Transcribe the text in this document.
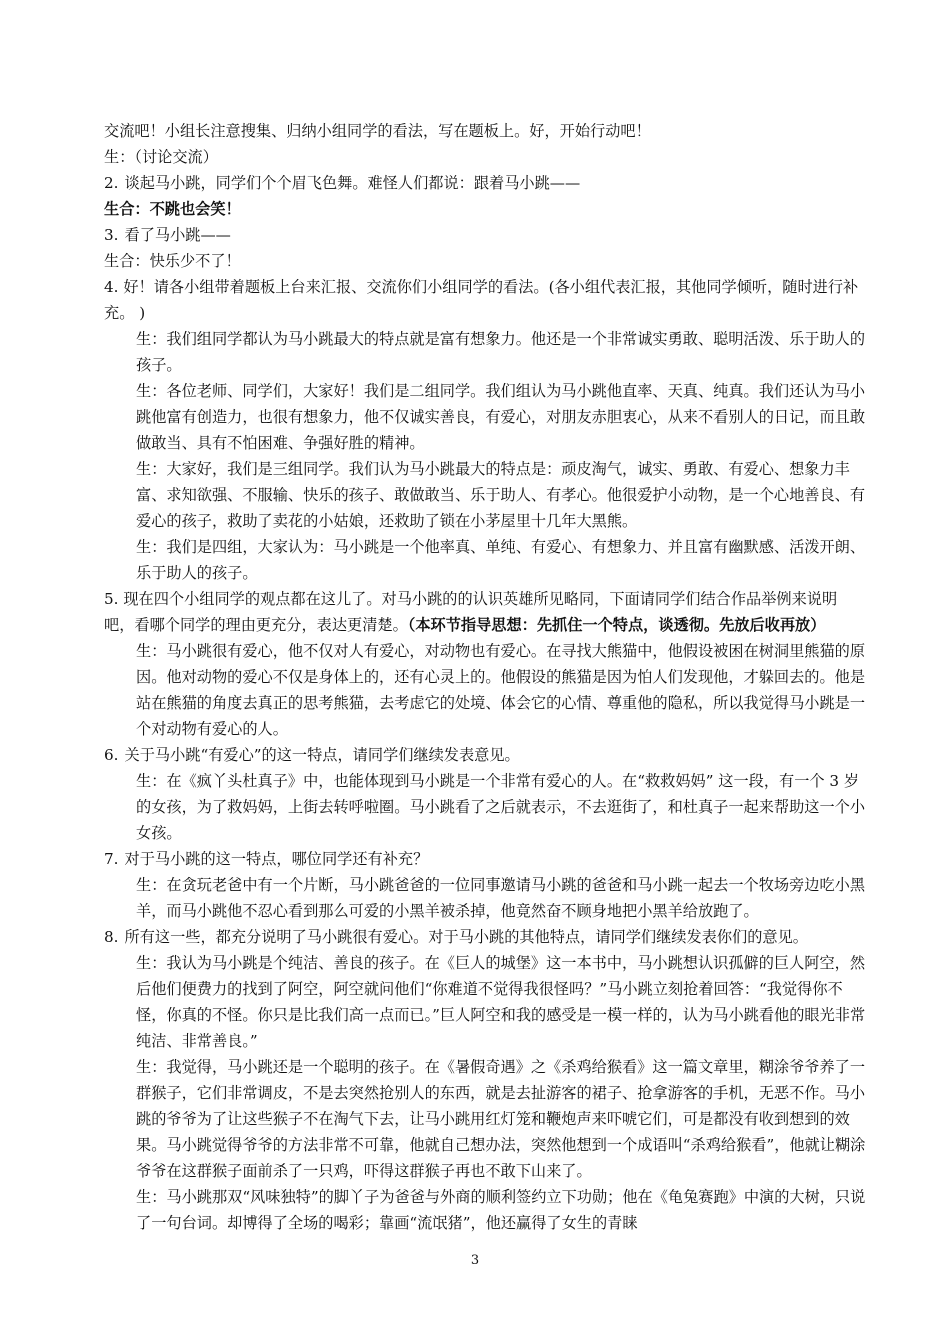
交流吧！小组长注意搜集、归纳小组同学的看法，写在题板上。好，开始行动吧！

生：（讨论交流）

2. 谈起马小跳，同学们个个眉飞色舞。难怪人们都说：跟着马小跳——

生合：不跳也会笑！

3. 看了马小跳——

生合：快乐少不了！

4. 好！请各小组带着题板上台来汇报、交流你们小组同学的看法。(各小组代表汇报，其他同学倾听，随时进行补充。 )

生：我们组同学都认为马小跳最大的特点就是富有想象力。他还是一个非常诚实勇敢、聪明活泼、乐于助人的孩子。

生：各位老师、同学们，大家好！我们是二组同学。我们组认为马小跳他直率、天真、纯真。我们还认为马小跳他富有创造力，也很有想象力，他不仅诚实善良，有爱心，对朋友赤胆衷心，从来不看别人的日记，而且敢做敢当、具有不怕困难、争强好胜的精神。

生：大家好，我们是三组同学。我们认为马小跳最大的特点是：顽皮淘气，诚实、勇敢、有爱心、想象力丰富、求知欲强、不服输、快乐的孩子、敢做敢当、乐于助人、有孝心。他很爱护小动物，是一个心地善良、有爱心的孩子，救助了卖花的小姑娘，还救助了锁在小茅屋里十几年大黑熊。

生：我们是四组，大家认为：马小跳是一个他率真、单纯、有爱心、有想象力、并且富有幽默感、活泼开朗、乐于助人的孩子。

5. 现在四个小组同学的观点都在这儿了。对马小跳的的认识英雄所见略同，下面请同学们结合作品举例来说明吧，看哪个同学的理由更充分，表达更清楚。（本环节指导思想：先抓住一个特点，谈透彻。先放后收再放）

生：马小跳很有爱心，他不仅对人有爱心，对动物也有爱心。在寻找大熊猫中，他假设被困在树洞里熊猫的原因。他对动物的爱心不仅是身体上的，还有心灵上的。他假设的熊猫是因为怕人们发现他，才躲回去的。他是站在熊猫的角度去真正的思考熊猫，去考虑它的处境、体会它的心情、尊重他的隐私，所以我觉得马小跳是一个对动物有爱心的人。

6. 关于马小跳“有爱心”的这一特点，请同学们继续发表意见。

生：在《疯丫头杜真子》中，也能体现到马小跳是一个非常有爱心的人。在“救救妈妈” 这一段，有一个 3 岁的女孩，为了救妈妈，上街去转呼啦圈。马小跳看了之后就表示，不去逛街了，和杜真子一起来帮助这一个小女孩。

7. 对于马小跳的这一特点，哪位同学还有补充？

生：在贪玩老爸中有一个片断，马小跳爸爸的一位同事邀请马小跳的爸爸和马小跳一起去一个牧场旁边吃小黑羊，而马小跳他不忍心看到那么可爱的小黑羊被杀掉，他竟然奋不顾身地把小黑羊给放跑了。

8. 所有这一些，都充分说明了马小跳很有爱心。对于马小跳的其他特点，请同学们继续发表你们的意见。

生：我认为马小跳是个纯洁、善良的孩子。在《巨人的城堡》这一本书中，马小跳想认识孤僻的巨人阿空，然后他们便费力的找到了阿空，阿空就问他们“你难道不觉得我很怪吗？”马小跳立刻抢着回答：“我觉得你不怪，你真的不怪。你只是比我们高一点而已。”巨人阿空和我的感受是一模一样的，认为马小跳看他的眼光非常纯洁、非常善良。”

生：我觉得，马小跳还是一个聪明的孩子。在《暑假奇遇》之《杀鸡给猴看》这一篇文章里，糊涂爷爷养了一群猴子，它们非常调皮，不是去突然抢别人的东西，就是去扯游客的裙子、抢拿游客的手机，无恶不作。马小跳的爷爷为了让这些猴子不在淘气下去，让马小跳用红灯笼和鞭炮声来吓唬它们，可是都没有收到想到的效果。马小跳觉得爷爷的方法非常不可靠，他就自己想办法，突然他想到一个成语叫“杀鸡给猴看”，他就让糊涂爷爷在这群猴子面前杀了一只鸡，吓得这群猴子再也不敢下山来了。

生：马小跳那双“风味独特”的脚丫子为爸爸与外商的顺利签约立下功勋；他在《龟兔赛跑》中演的大树，只说了一句台词。却博得了全场的喝彩；靠画“流氓猪”，他还赢得了女生的青睐

3
